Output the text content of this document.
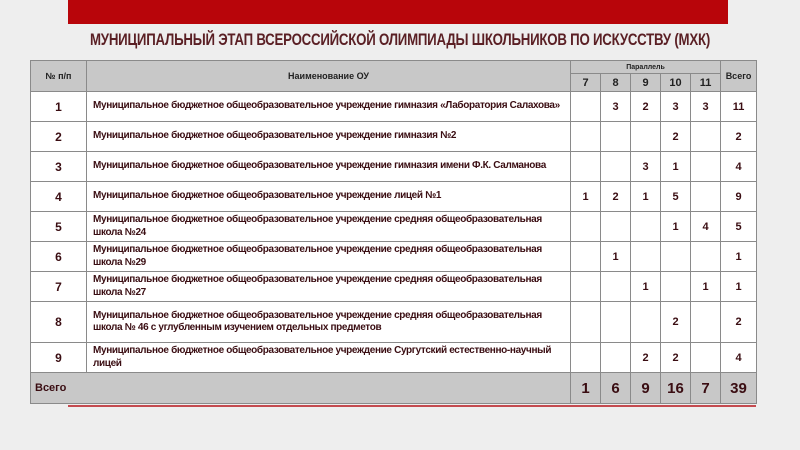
МУНИЦИПАЛЬНЫЙ ЭТАП ВСЕРОССИЙСКОЙ ОЛИМПИАДЫ ШКОЛЬНИКОВ ПО ИСКУССТВУ (МХК)
№ п/п	Наименование ОУ	Параллель					Всего
		7	8	9	10	11	
1	Муниципальное бюджетное общеобразовательное учреждение гимназия «Лаборатория Салахова»		3	2	3	3	11
2	Муниципальное бюджетное общеобразовательное учреждение гимназия №2				2		2
3	Муниципальное бюджетное общеобразовательное учреждение гимназия имени Ф.К. Салманова			3	1		4
4	Муниципальное бюджетное общеобразовательное учреждение лицей №1	1	2	1	5		9
5	Муниципальное бюджетное общеобразовательное учреждение средняя общеобразовательная школа №24				1	4	5
6	Муниципальное бюджетное общеобразовательное учреждение средняя общеобразовательная школа №29		1				1
7	Муниципальное бюджетное общеобразовательное учреждение средняя общеобразовательная школа №27			1		1	1
8	Муниципальное бюджетное общеобразовательное учреждение средняя общеобразовательная школа № 46 с углубленным изучением отдельных предметов				2		2
9	Муниципальное бюджетное общеобразовательное учреждение Сургутский естественно-научный лицей			2	2		4
Всего		1	6	9	16	7	39
